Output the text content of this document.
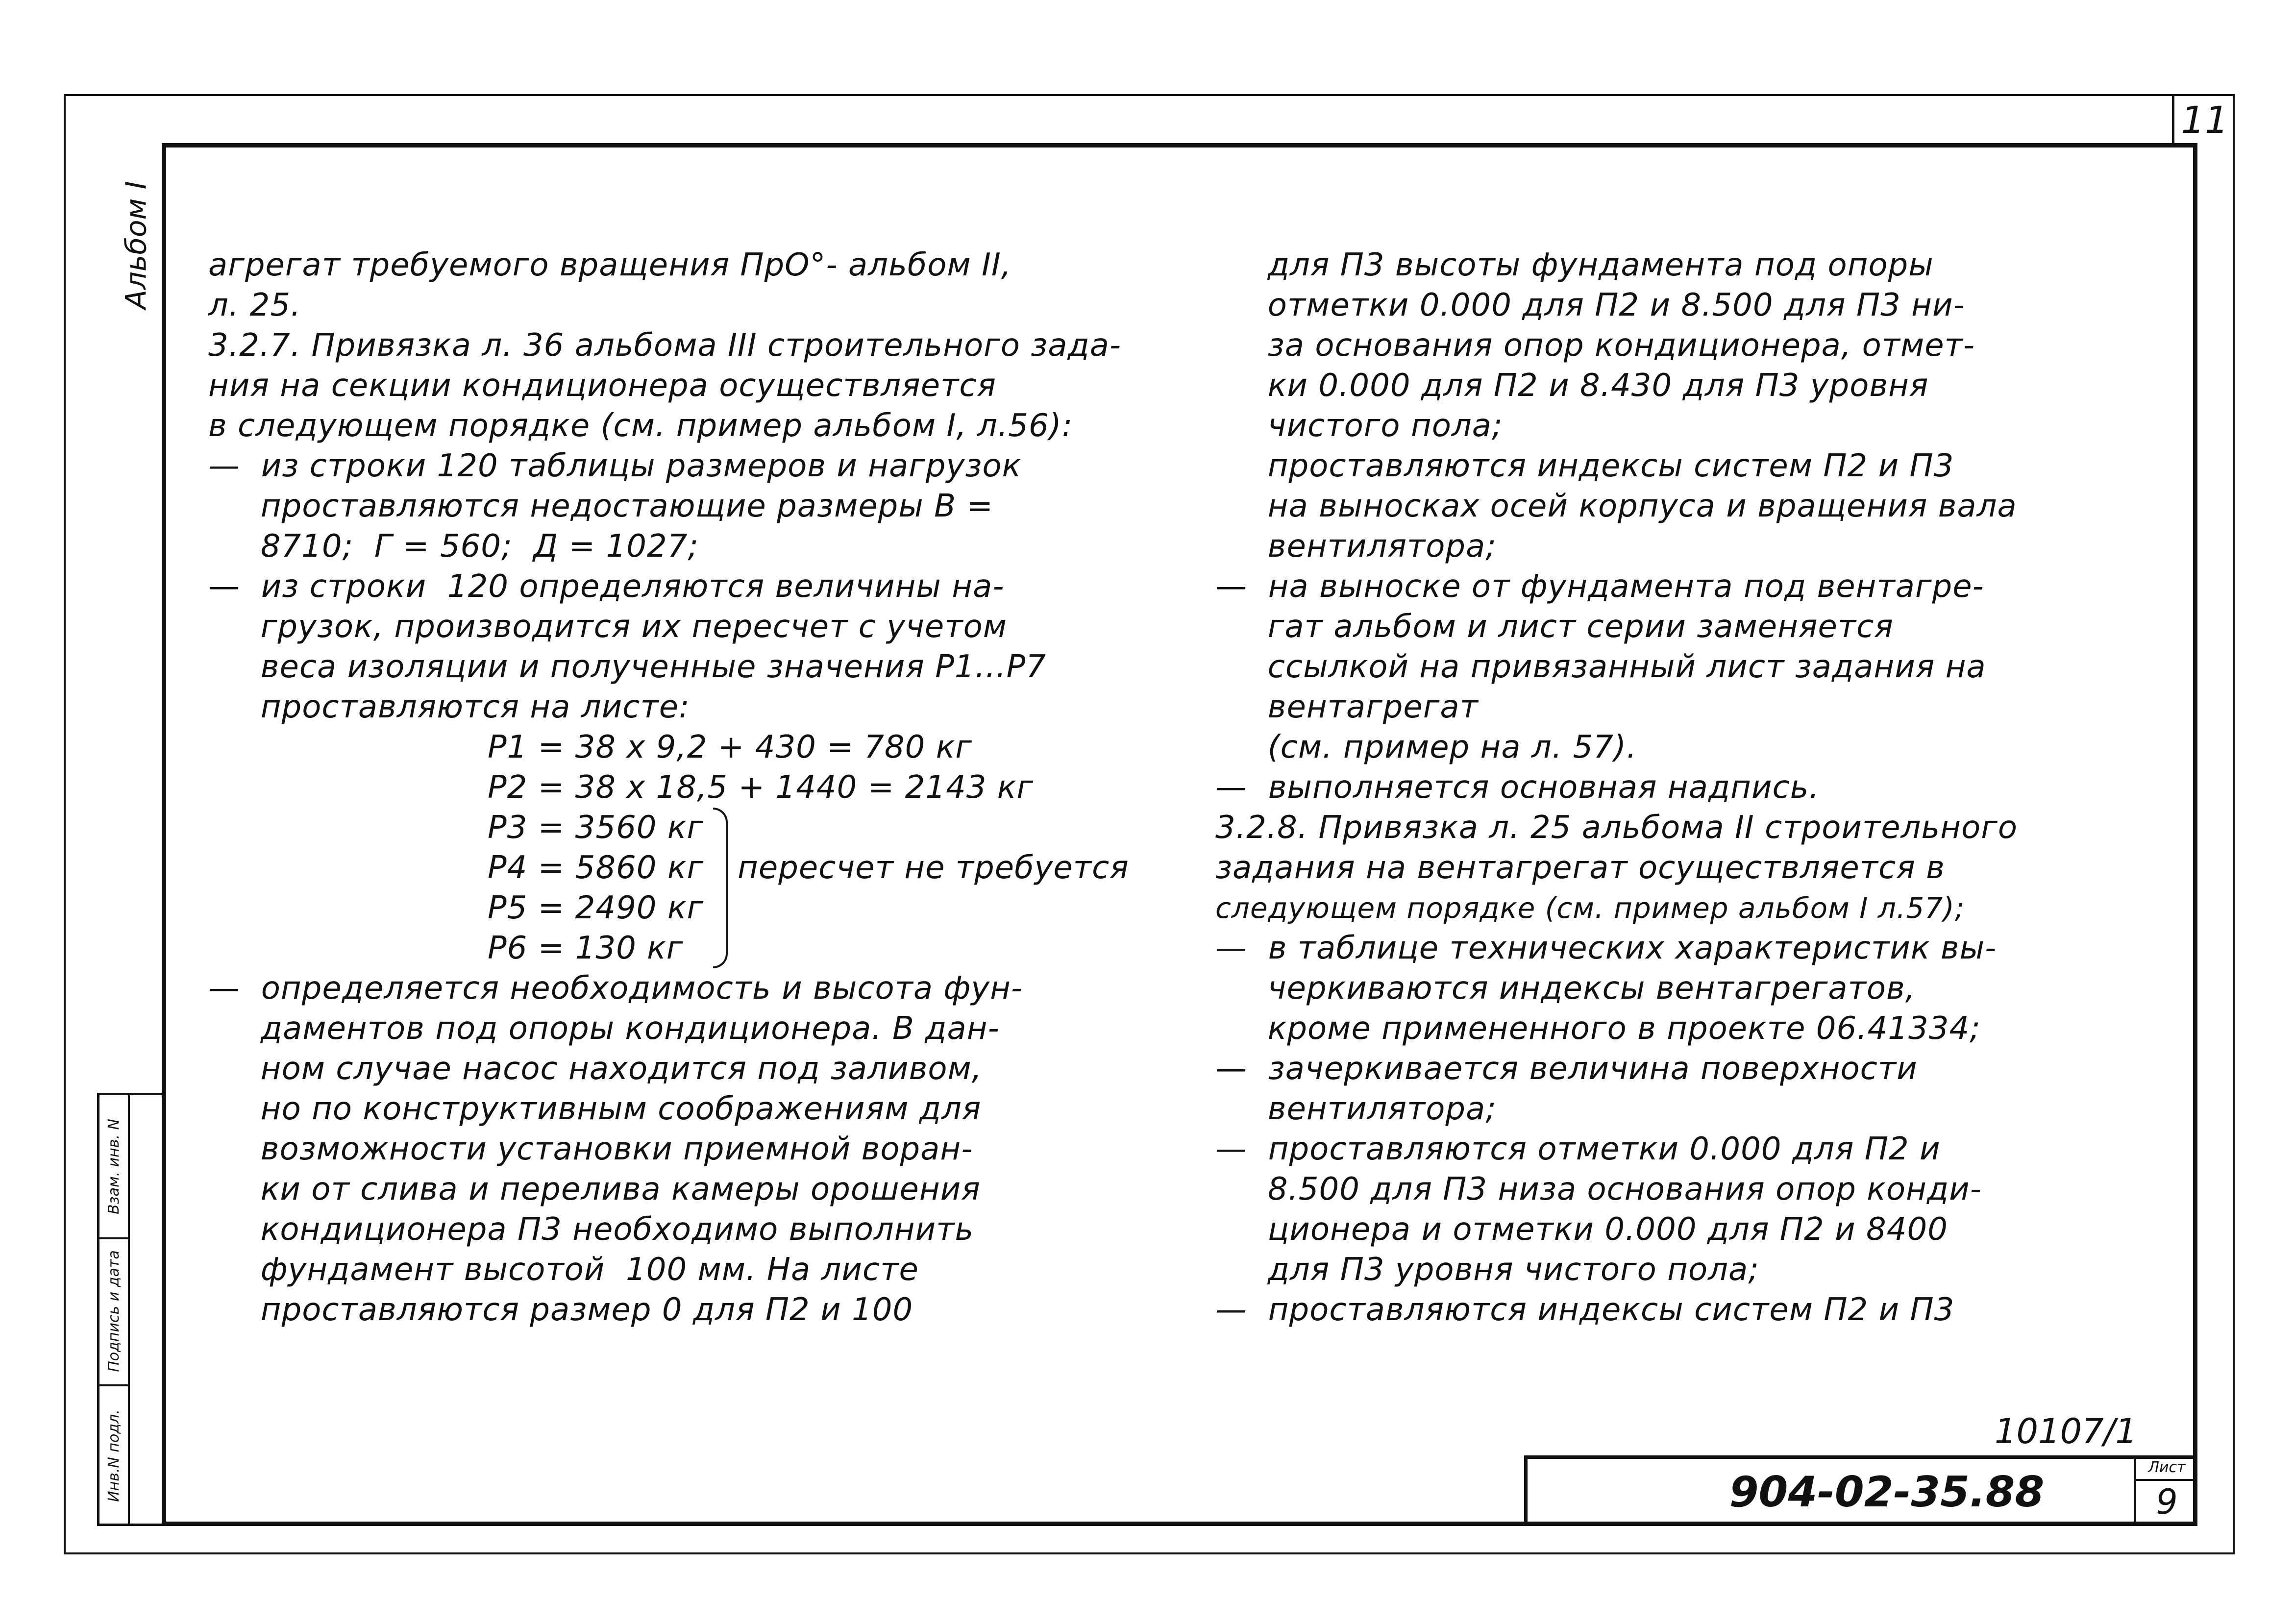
11
Альбом I
Инв.N подл.
Подпись и дата
Взам. инв. N
агрегат требуемого вращения ПрО°- альбом II,
л. 25.
3.2.7. Привязка л. 36 альбома III строительного зада-
ния на секции кондиционера осуществляется
в следующем порядке (см. пример альбом I, л.56):
—  из строки 120 таблицы размеров и нагрузок
проставляются недостающие размеры В =
8710;  Г = 560;  Д = 1027;
—  из строки  120 определяются величины на-
грузок, производится их пересчет с учетом
веса изоляции и полученные значения Р1...Р7
проставляются на листе:
Р1 = 38 х 9,2 + 430 = 780 кг
Р2 = 38 х 18,5 + 1440 = 2143 кг
Р3 = 3560 кг
Р4 = 5860 кг
Р5 = 2490 кг
Р6 = 130 кг
пересчет не требуется
—  определяется необходимость и высота фун-
даментов под опоры кондиционера. В дан-
ном случае насос находится под заливом,
но по конструктивным соображениям для
возможности установки приемной воран-
ки от слива и перелива камеры орошения
кондиционера П3 необходимо выполнить
фундамент высотой  100 мм. На листе
проставляются размер 0 для П2 и 100
для П3 высоты фундамента под опоры
отметки 0.000 для П2 и 8.500 для П3 ни-
за основания опор кондиционера, отмет-
ки 0.000 для П2 и 8.430 для П3 уровня
чистого пола;
проставляются индексы систем П2 и П3
на выносках осей корпуса и вращения вала
вентилятора;
—  на выноске от фундамента под вентагре-
гат альбом и лист серии заменяется
ссылкой на привязанный лист задания на
вентагрегат
(см. пример на л. 57).
—  выполняется основная надпись.
3.2.8. Привязка л. 25 альбома II строительного
задания на вентагрегат осуществляется в
следующем порядке (см. пример альбом I л.57);
—  в таблице технических характеристик вы-
черкиваются индексы вентагрегатов,
кроме примененного в проекте 06.41334;
—  зачеркивается величина поверхности
вентилятора;
—  проставляются отметки 0.000 для П2 и
8.500 для П3 низа основания опор конди-
ционера и отметки 0.000 для П2 и 8400
для П3 уровня чистого пола;
—  проставляются индексы систем П2 и П3
10107/1
904-02-35.88
Лист
9
